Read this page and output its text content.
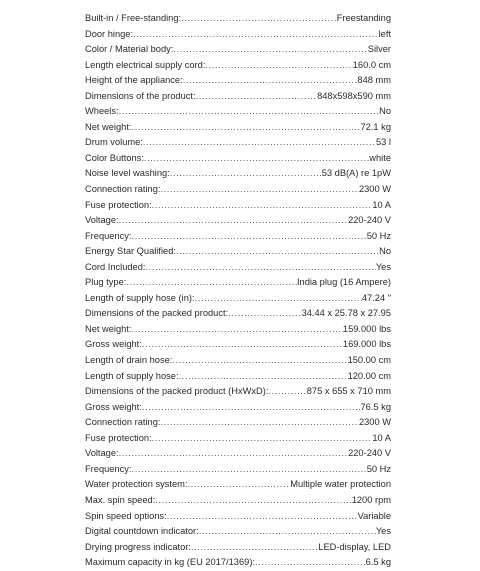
Built-in / Free-standing: .....	Freestanding
Door hinge: .....	left
Color / Material body: .....	Silver
Length electrical supply cord: .....	160.0 cm
Height of the appliance: .....	848 mm
Dimensions of the product: .....	848x598x590 mm
Wheels: .....	No
Net weight: .....	72.1 kg
Drum volume: .....	53 l
Color Buttons: .....	white
Noise level washing: .....	53 dB(A) re 1pW
Connection rating: .....	2300 W
Fuse protection: .....	10 A
Voltage: .....	220-240 V
Frequency: .....	50 Hz
Energy Star Qualified: .....	No
Cord Included: .....	Yes
Plug type: .....	India plug (16 Ampere)
Length of supply hose (in): .....	47.24 "
Dimensions of the packed product: .....	34.44 x 25.78 x 27.95
Net weight: .....	159.000 lbs
Gross weight: .....	169.000 lbs
Length of drain hose: .....	150.00 cm
Length of supply hose: .....	120.00 cm
Dimensions of the packed product (HxWxD): .....	875 x 655 x 710 mm
Gross weight: .....	76.5 kg
Connection rating: .....	2300 W
Fuse protection: .....	10 A
Voltage: .....	220-240 V
Frequency: .....	50 Hz
Water protection system: .....	Multiple water protection
Max. spin speed: .....	1200 rpm
Spin speed options: .....	Variable
Digital countdown indicator: .....	Yes
Drying progress indicator: .....	LED-display, LED
Maximum capacity in kg (EU 2017/1369): .....	6.5 kg
